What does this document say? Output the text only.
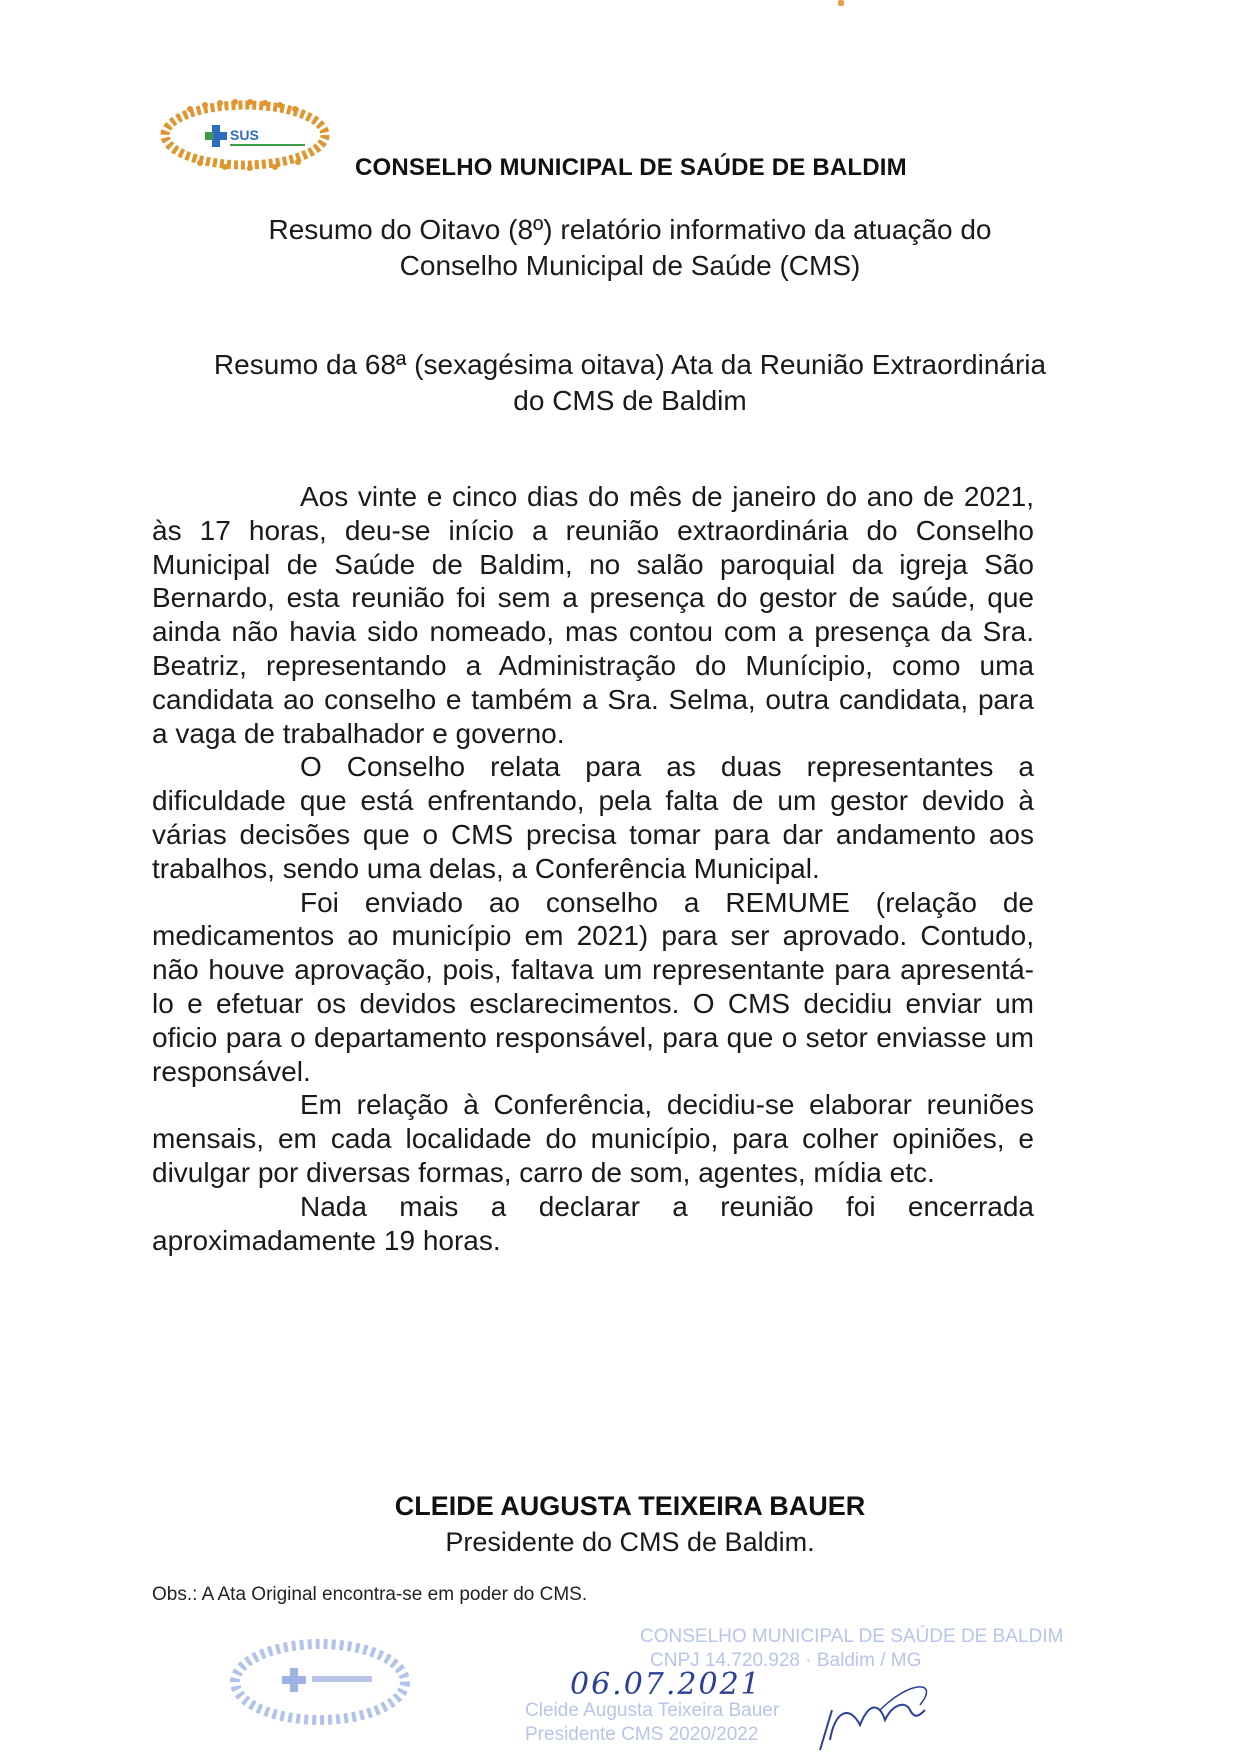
SUS
CONSELHO MUNICIPAL DE SAÚDE DE BALDIM
Resumo do Oitavo (8º) relatório informativo da atuação do
Conselho Municipal de Saúde (CMS)
Resumo da 68ª (sexagésima oitava) Ata da Reunião Extraordinária
do CMS de Baldim

Aos vinte e cinco dias do mês de janeiro do ano de 2021, às 17 horas, deu-se início a reunião extraordinária do Conselho Municipal de Saúde de Baldim, no salão paroquial da igreja São Bernardo, esta reunião foi sem a presença do gestor de saúde, que ainda não havia sido nomeado, mas contou com a presença da Sra. Beatriz, representando a Administração do Munícipio, como uma candidata ao conselho e também a Sra. Selma, outra candidata, para a vaga de trabalhador e governo.

O Conselho relata para as duas representantes a dificuldade que está enfrentando, pela falta de um gestor devido à várias decisões que o CMS precisa tomar para dar andamento aos trabalhos, sendo uma delas, a Conferência Municipal.

Foi enviado ao conselho a REMUME (relação de medicamentos ao município em 2021) para ser aprovado. Contudo, não houve aprovação, pois, faltava um representante para apresentá-lo e efetuar os devidos esclarecimentos. O CMS decidiu enviar um oficio para o departamento responsável, para que o setor enviasse um responsável.

Em relação à Conferência, decidiu-se elaborar reuniões mensais, em cada localidade do município, para colher opiniões, e divulgar por diversas formas, carro de som, agentes, mídia etc.

Nada mais a declarar a reunião foi encerrada aproximadamente 19 horas.

CLEIDE AUGUSTA TEIXEIRA BAUER
Presidente do CMS de Baldim.
Obs.: A Ata Original encontra-se em poder do CMS.
CONSELHO MUNICIPAL DE SAÚDE DE BALDIM
CNPJ 14.720.928 · Baldim / MG
Cleide Augusta Teixeira Bauer
Presidente CMS 2020/2022
06.07.2021
